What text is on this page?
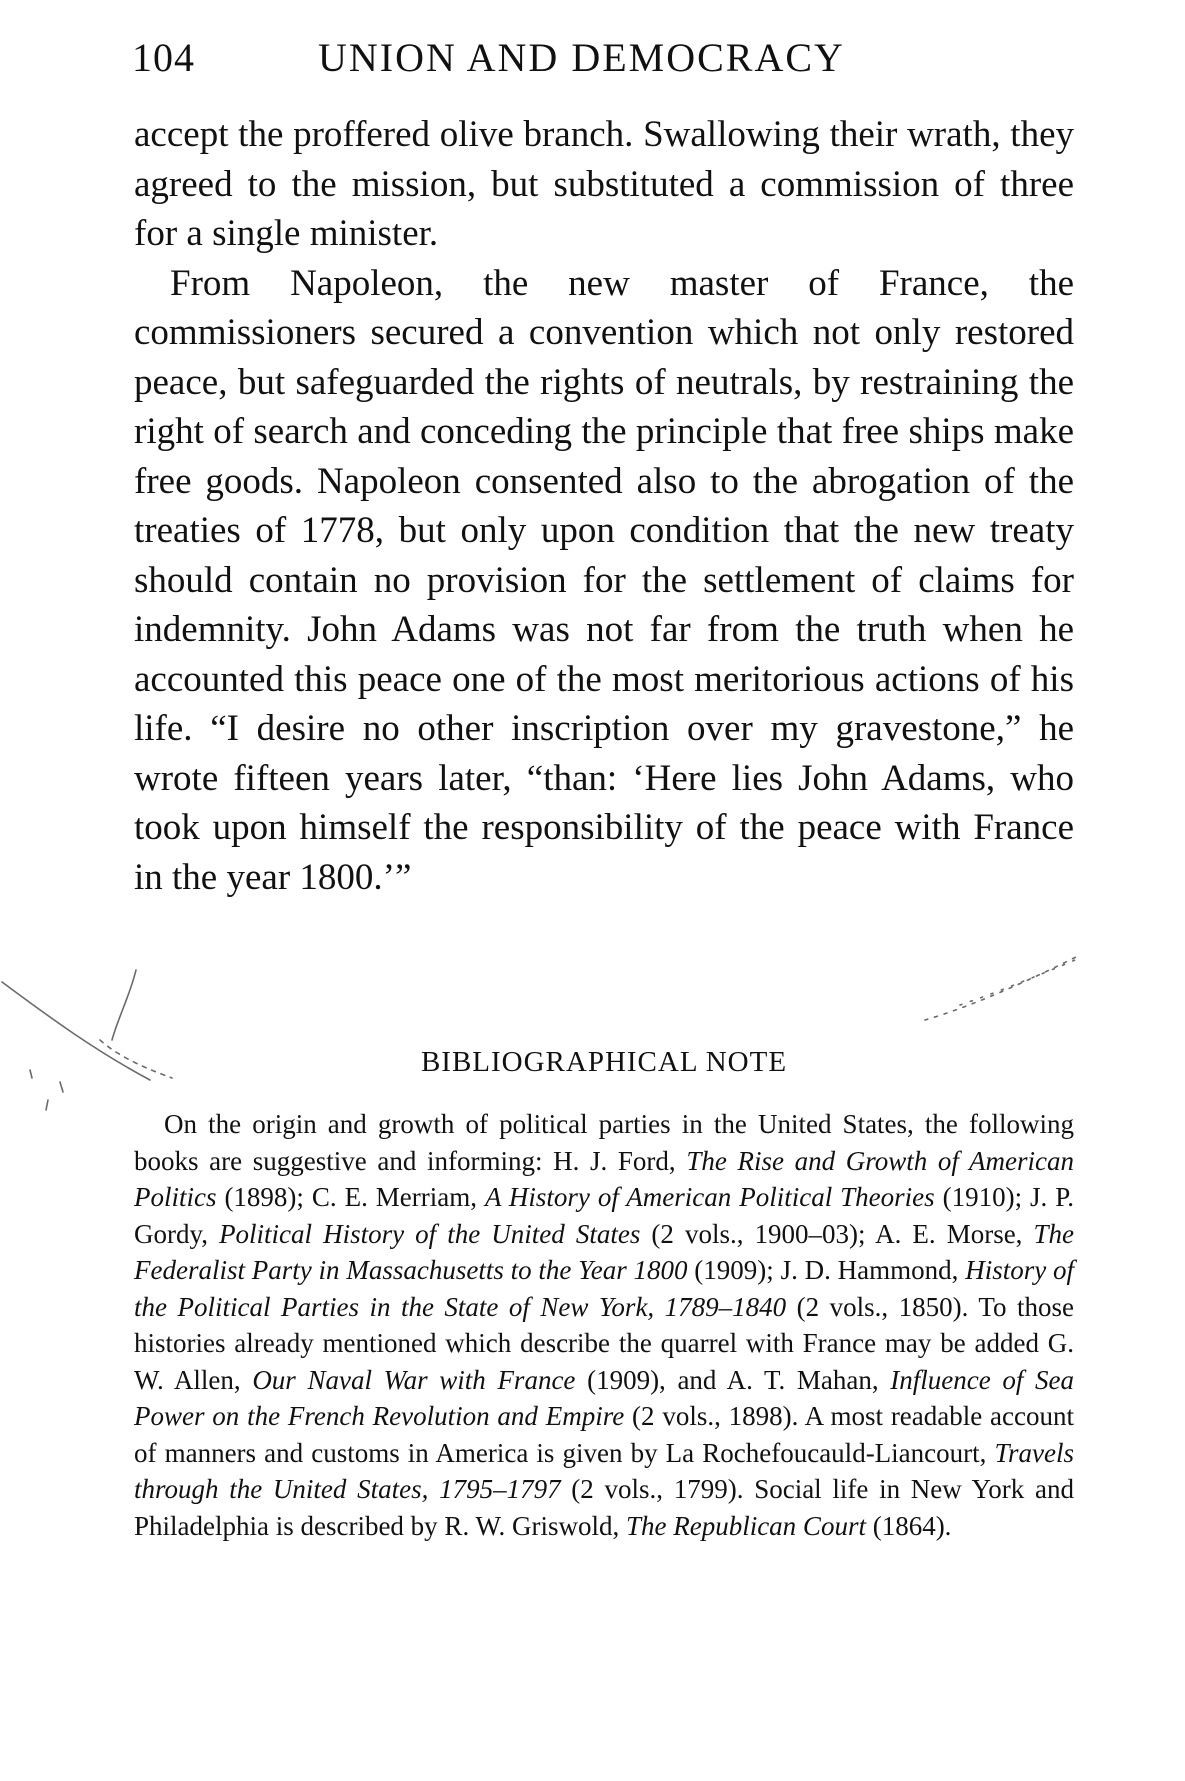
104	UNION AND DEMOCRACY

accept the proffered olive branch. Swallowing their wrath, they agreed to the mission, but substituted a commission of three for a single minister.

From Napoleon, the new master of France, the commissioners secured a convention which not only restored peace, but safeguarded the rights of neutrals, by restraining the right of search and conceding the principle that free ships make free goods. Napoleon consented also to the abrogation of the treaties of 1778, but only upon condition that the new treaty should contain no provision for the settlement of claims for indemnity. John Adams was not far from the truth when he accounted this peace one of the most meritorious actions of his life. “I desire no other inscription over my gravestone,” he wrote fifteen years later, “than: ‘Here lies John Adams, who took upon himself the responsibility of the peace with France in the year 1800.’”

BIBLIOGRAPHICAL NOTE

On the origin and growth of political parties in the United States, the following books are suggestive and informing: H. J. Ford, The Rise and Growth of American Politics (1898); C. E. Merriam, A History of American Political Theories (1910); J. P. Gordy, Political History of the United States (2 vols., 1900–03); A. E. Morse, The Federalist Party in Massachusetts to the Year 1800 (1909); J. D. Hammond, History of the Political Parties in the State of New York, 1789–1840 (2 vols., 1850). To those histories already mentioned which describe the quarrel with France may be added G. W. Allen, Our Naval War with France (1909), and A. T. Mahan, Influence of Sea Power on the French Revolution and Empire (2 vols., 1898). A most readable account of manners and customs in America is given by La Rochefoucauld-Liancourt, Travels through the United States, 1795–1797 (2 vols., 1799). Social life in New York and Philadelphia is described by R. W. Griswold, The Republican Court (1864).
